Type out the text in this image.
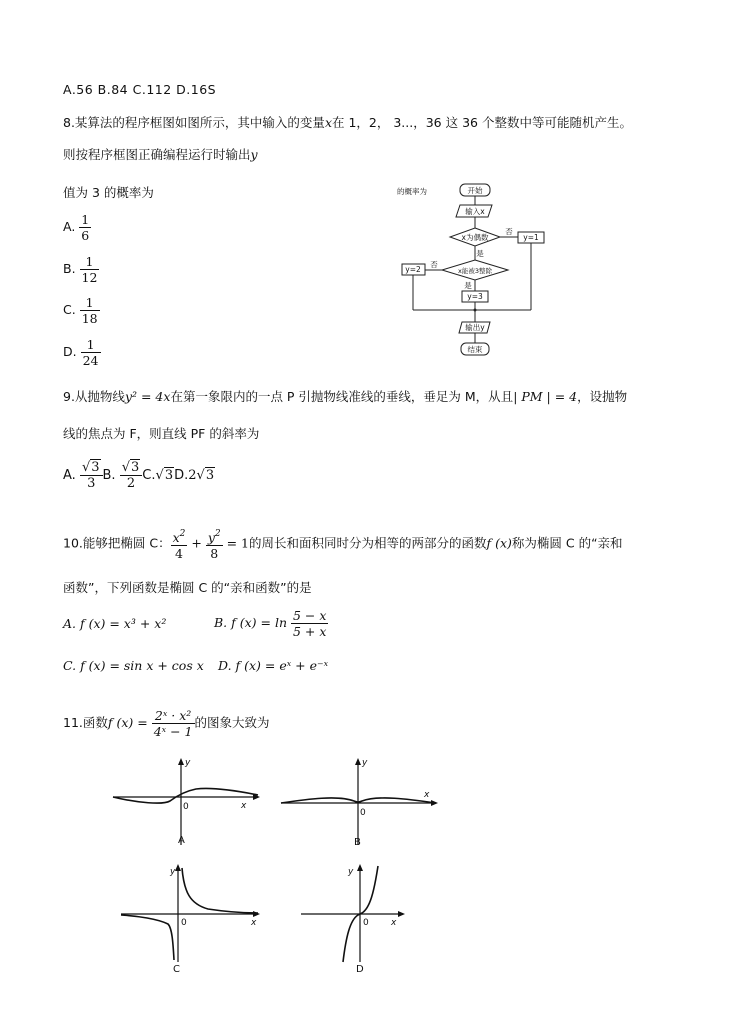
A.56 B.84 C.112 D.16S
8.某算法的程序框图如图所示，其中输入的变量x在 1，2， 3...，36 这 36 个整数中等可能随机产生。
则按程序框图正确编程运行时输出y
值为 3 的概率为
A. $\frac{1}{6}$
B. $\frac{1}{12}$
C. $\frac{1}{18}$
D. $\frac{1}{24}$
的概率为	开始
输入x
x为偶数
否
y=1
是
x能被3整除
否
y=2
是
y=3
输出y
结束
9.从抛物线y² = 4x在第一象限内的一点 P 引抛物线准线的垂线，垂足为 M，从且| PM | = 4，设抛物
线的焦点为 F，则直线 PF 的斜率为
A. $\frac{√3}{3} B$. $\frac{√3}{2} C.√3D.2√3$
10.能够把椭圆 C： $\frac{x^2}{4} + \frac{y^2}{8} = 1$的周长和面积同时分为相等的两部分的函数f (x)称为椭圆 C 的“亲和
函数”，下列函数是椭圆 C 的“亲和函数”的是
A. f (x) = x³ + x²	B. f $(x) = \ln \frac{5 - x}{5 + x}$
C. f (x) = sin x + cos x D. f (x) = eˣ + e⁻ˣ
11.函数f $(x) = \frac{\text{2ˣ · x²}}{\text{4ˣ − 1}}$ 的图象大致为
y
x
0
A
y
x
0
B
y
x
0
C
y
x
0
D
